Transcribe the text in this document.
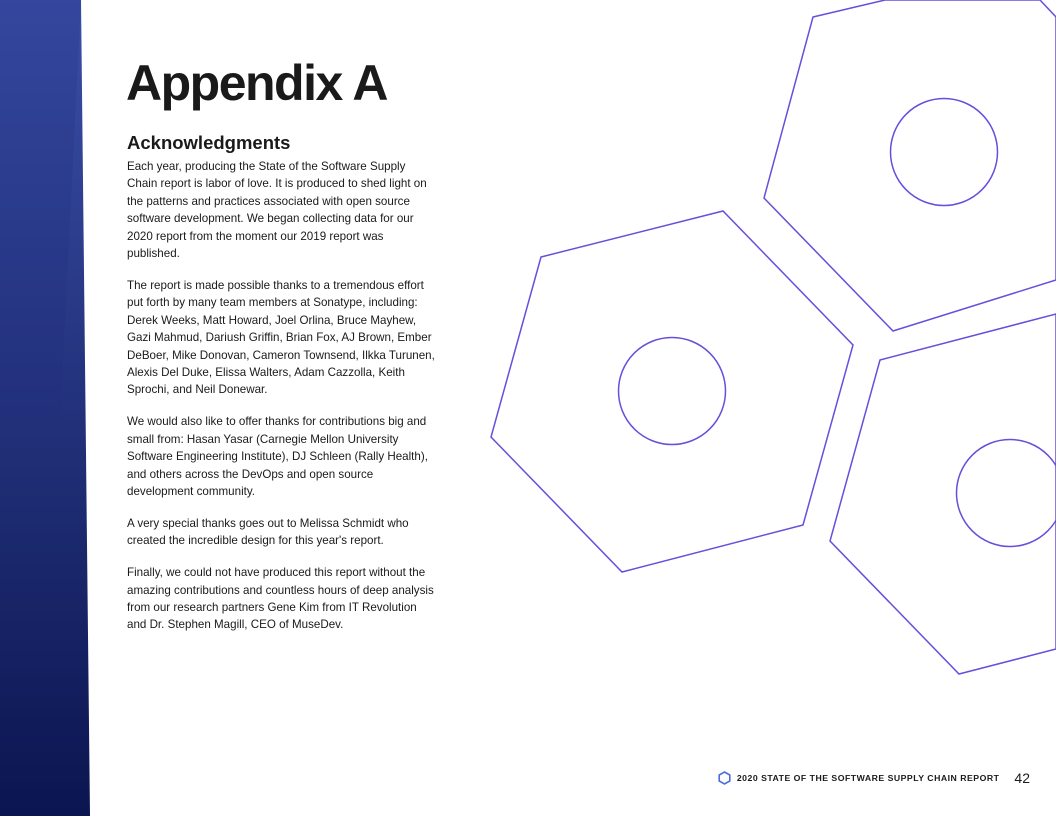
Appendix A
Acknowledgments

Each year, producing the State of the Software Supply Chain report is labor of love. It is produced to shed light on the patterns and practices associated with open source software development. We began collecting data for our 2020 report from the moment our 2019 report was published.

The report is made possible thanks to a tremendous effort put forth by many team members at Sonatype, including: Derek Weeks, Matt Howard, Joel Orlina, Bruce Mayhew, Gazi Mahmud, Dariush Griffin, Brian Fox, AJ Brown, Ember DeBoer, Mike Donovan, Cameron Townsend, Ilkka Turunen, Alexis Del Duke, Elissa Walters, Adam Cazzolla, Keith Sprochi, and Neil Donewar.

We would also like to offer thanks for contributions big and small from: Hasan Yasar (Carnegie Mellon University Software Engineering Institute), DJ Schleen (Rally Health), and others across the DevOps and open source development community.

A very special thanks goes out to Melissa Schmidt who created the incredible design for this year's report.

Finally, we could not have produced this report without the amazing contributions and countless hours of deep analysis from our research partners Gene Kim from IT Revolution and Dr. Stephen Magill, CEO of MuseDev.

2020 STATE OF THE SOFTWARE SUPPLY CHAIN REPORT 42
